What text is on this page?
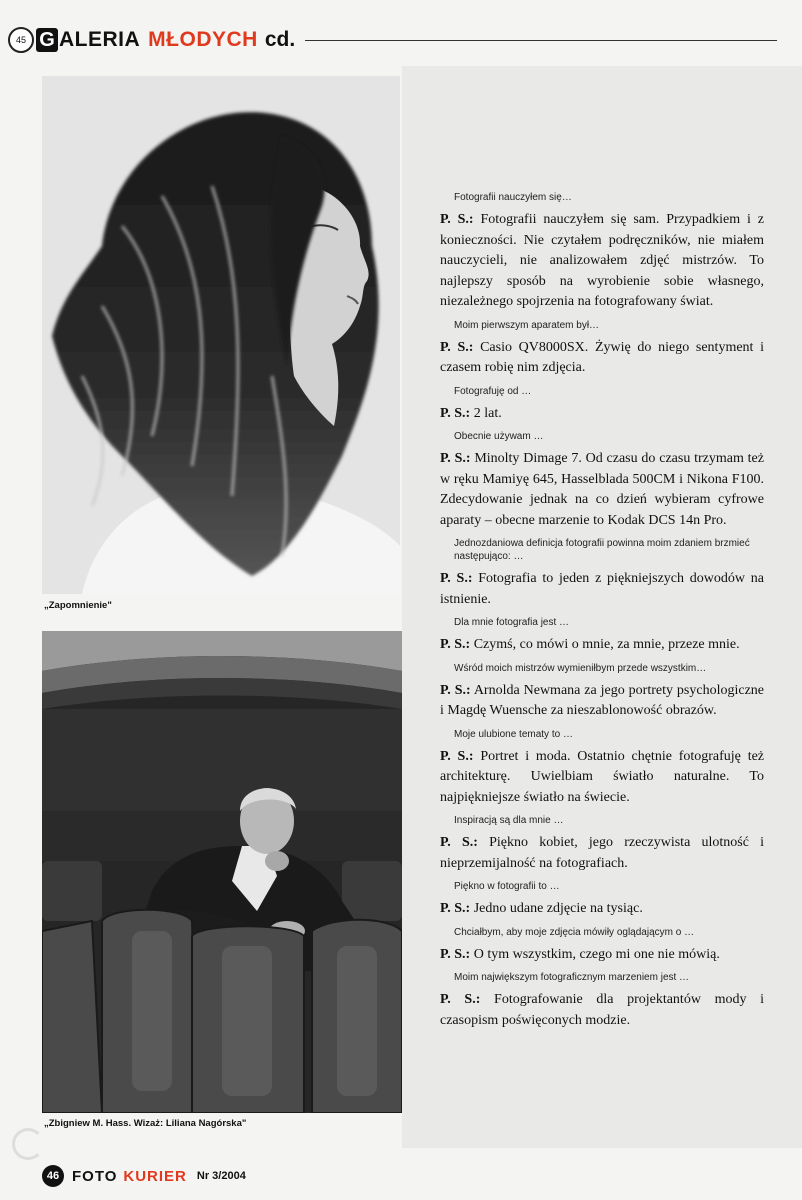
45 G ALERIA MŁODYCH cd.
„Zapomnienie"
„Zbigniew M. Hass. Wizaż: Liliana Nagórska"
Fotografii nauczyłem się…
P. S.: Fotografii nauczyłem się sam. Przypadkiem i z konieczności. Nie czytałem podręczników, nie miałem nauczycieli, nie analizowałem zdjęć mistrzów. To najlepszy sposób na wyrobienie sobie własnego, niezależnego spojrzenia na fotografowany świat.
Moim pierwszym aparatem był…
P. S.: Casio QV8000SX. Żywię do niego sentyment i czasem robię nim zdjęcia.
Fotografuję od …
P. S.: 2 lat.
Obecnie używam …
P. S.: Minolty Dimage 7. Od czasu do czasu trzymam też w ręku Mamiyę 645, Hasselblada 500CM i Nikona F100. Zdecydowanie jednak na co dzień wybieram cyfrowe aparaty – obecne marzenie to Kodak DCS 14n Pro.
Jednozdaniowa definicja fotografii powinna moim zdaniem brzmieć następująco: …
P. S.: Fotografia to jeden z piękniejszych dowodów na istnienie.
Dla mnie fotografia jest …
P. S.: Czymś, co mówi o mnie, za mnie, przeze mnie.
Wśród moich mistrzów wymieniłbym przede wszystkim…
P. S.: Arnolda Newmana za jego portrety psychologiczne i Magdę Wuensche za nieszablonowość obrazów.
Moje ulubione tematy to …
P. S.: Portret i moda. Ostatnio chętnie fotografuję też architekturę. Uwielbiam światło naturalne. To najpiękniejsze światło na świecie.
Inspiracją są dla mnie …
P. S.: Piękno kobiet, jego rzeczywista ulotność i nieprzemijalność na fotografiach.
Piękno w fotografii to …
P. S.: Jedno udane zdjęcie na tysiąc.
Chciałbym, aby moje zdjęcia mówiły oglądającym o …
P. S.: O tym wszystkim, czego mi one nie mówią.
Moim największym fotograficznym marzeniem jest …
P. S.: Fotografowanie dla projektantów mody i czasopism poświęconych modzie.
46 FOTO KURIER Nr 3/2004
